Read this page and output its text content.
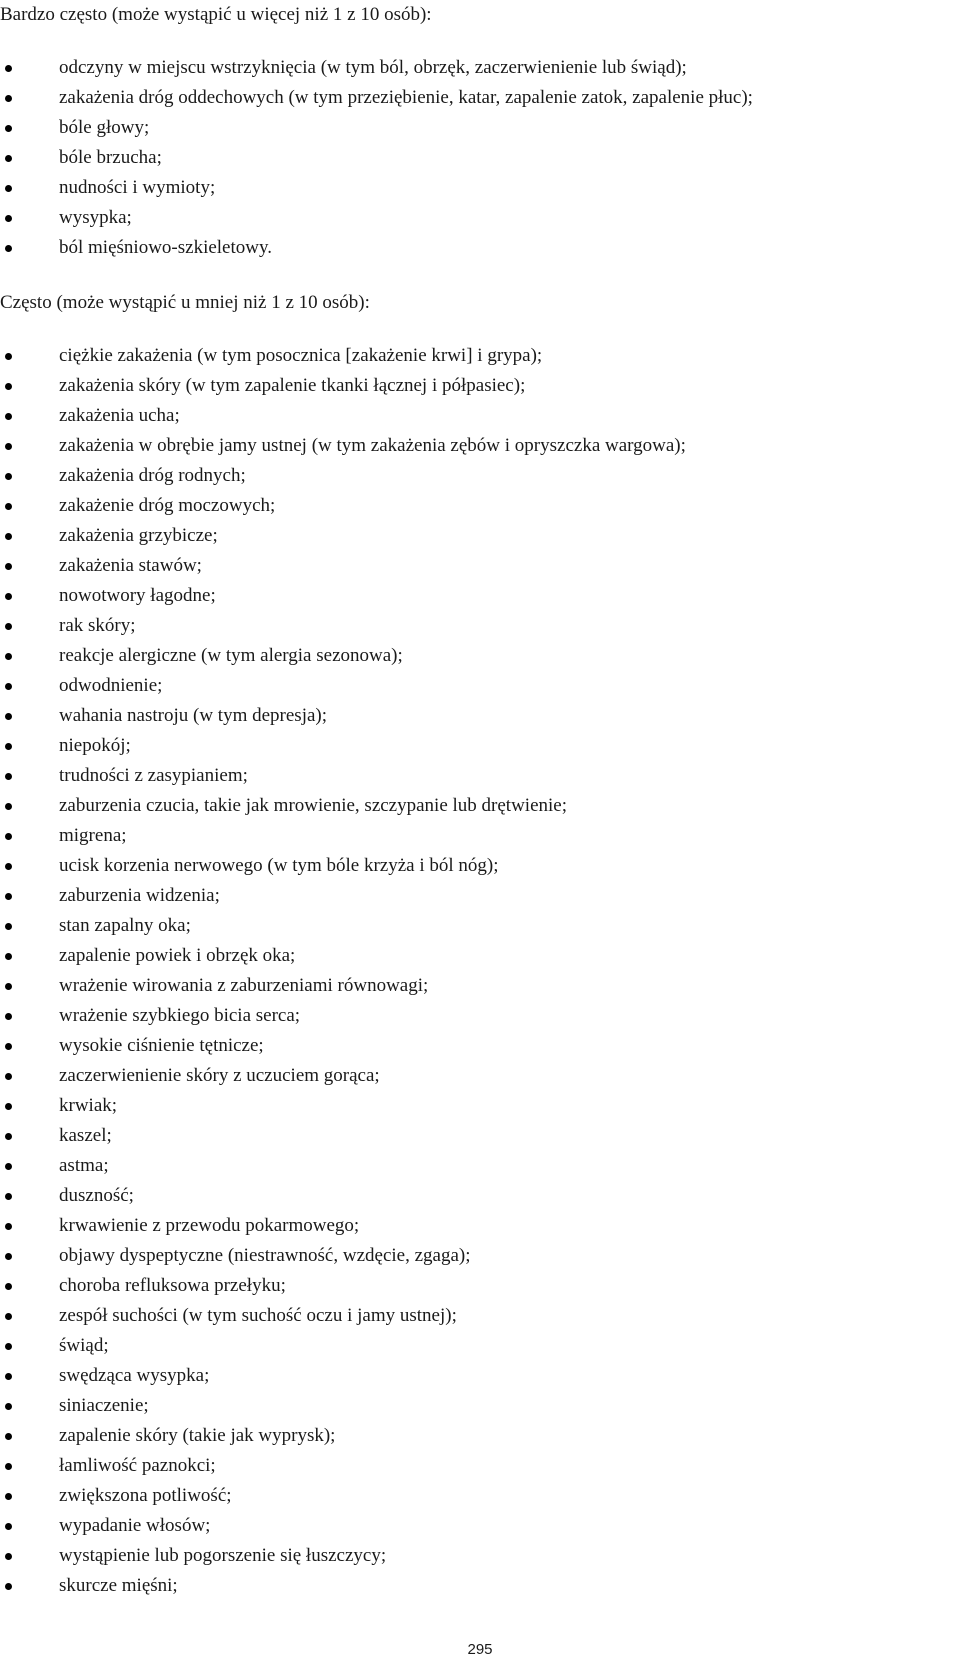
Bardzo często (może wystąpić u więcej niż 1 z 10 osób):

odczyny w miejscu wstrzyknięcia (w tym ból, obrzęk, zaczerwienienie lub świąd);
zakażenia dróg oddechowych (w tym przeziębienie, katar, zapalenie zatok, zapalenie płuc);
bóle głowy;
bóle brzucha;
nudności i wymioty;
wysypka;
ból mięśniowo-szkieletowy.

Często (może wystąpić u mniej niż 1 z 10 osób):

ciężkie zakażenia (w tym posocznica [zakażenie krwi] i grypa);
zakażenia skóry (w tym zapalenie tkanki łącznej i półpasiec);
zakażenia ucha;
zakażenia w obrębie jamy ustnej (w tym zakażenia zębów i opryszczka wargowa);
zakażenia dróg rodnych;
zakażenie dróg moczowych;
zakażenia grzybicze;
zakażenia stawów;
nowotwory łagodne;
rak skóry;
reakcje alergiczne (w tym alergia sezonowa);
odwodnienie;
wahania nastroju (w tym depresja);
niepokój;
trudności z zasypianiem;
zaburzenia czucia, takie jak mrowienie, szczypanie lub drętwienie;
migrena;
ucisk korzenia nerwowego (w tym bóle krzyża i ból nóg);
zaburzenia widzenia;
stan zapalny oka;
zapalenie powiek i obrzęk oka;
wrażenie wirowania z zaburzeniami równowagi;
wrażenie szybkiego bicia serca;
wysokie ciśnienie tętnicze;
zaczerwienienie skóry z uczuciem gorąca;
krwiak;
kaszel;
astma;
duszność;
krwawienie z przewodu pokarmowego;
objawy dyspeptyczne (niestrawność, wzdęcie, zgaga);
choroba refluksowa przełyku;
zespół suchości (w tym suchość oczu i jamy ustnej);
świąd;
swędząca wysypka;
siniaczenie;
zapalenie skóry (takie jak wyprysk);
łamliwość paznokci;
zwiększona potliwość;
wypadanie włosów;
wystąpienie lub pogorszenie się łuszczycy;
skurcze mięśni;
295
